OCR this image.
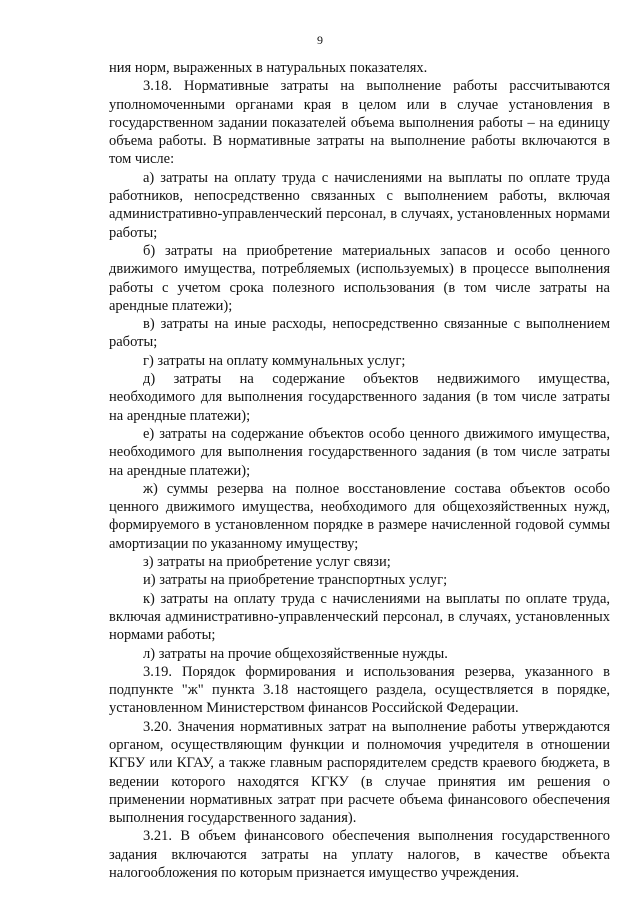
9

ния норм, выраженных в натуральных показателях.

3.18. Нормативные затраты на выполнение работы рассчитываются уполномоченными органами края в целом или в случае установления в государственном задании показателей объема выполнения работы – на единицу объема работы. В нормативные затраты на выполнение работы включаются в том числе:

а) затраты на оплату труда с начислениями на выплаты по оплате труда работников, непосредственно связанных с выполнением работы, включая административно-управленческий персонал, в случаях, установленных нормами работы;

б) затраты на приобретение материальных запасов и особо ценного движимого имущества, потребляемых (используемых) в процессе выполнения работы с учетом срока полезного использования (в том числе затраты на арендные платежи);

в) затраты на иные расходы, непосредственно связанные с выполнением работы;

г) затраты на оплату коммунальных услуг;

д) затраты на содержание объектов недвижимого имущества, необходимого для выполнения государственного задания (в том числе затраты на арендные платежи);

е) затраты на содержание объектов особо ценного движимого имущества, необходимого для выполнения государственного задания (в том числе затраты на арендные платежи);

ж) суммы резерва на полное восстановление состава объектов особо ценного движимого имущества, необходимого для общехозяйственных нужд, формируемого в установленном порядке в размере начисленной годовой суммы амортизации по указанному имуществу;

з) затраты на приобретение услуг связи;

и) затраты на приобретение транспортных услуг;

к) затраты на оплату труда с начислениями на выплаты по оплате труда, включая административно-управленческий персонал, в случаях, установленных нормами работы;

л) затраты на прочие общехозяйственные нужды.

3.19. Порядок формирования и использования резерва, указанного в подпункте "ж" пункта 3.18 настоящего раздела, осуществляется в порядке, установленном Министерством финансов Российской Федерации.

3.20. Значения нормативных затрат на выполнение работы утверждаются органом, осуществляющим функции и полномочия учредителя в отношении КГБУ или КГАУ, а также главным распорядителем средств краевого бюджета, в ведении которого находятся КГКУ (в случае принятия им решения о применении нормативных затрат при расчете объема финансового обеспечения выполнения государственного задания).

3.21. В объем финансового обеспечения выполнения государственного задания включаются затраты на уплату налогов, в качестве объекта налогообложения по которым признается имущество учреждения.
